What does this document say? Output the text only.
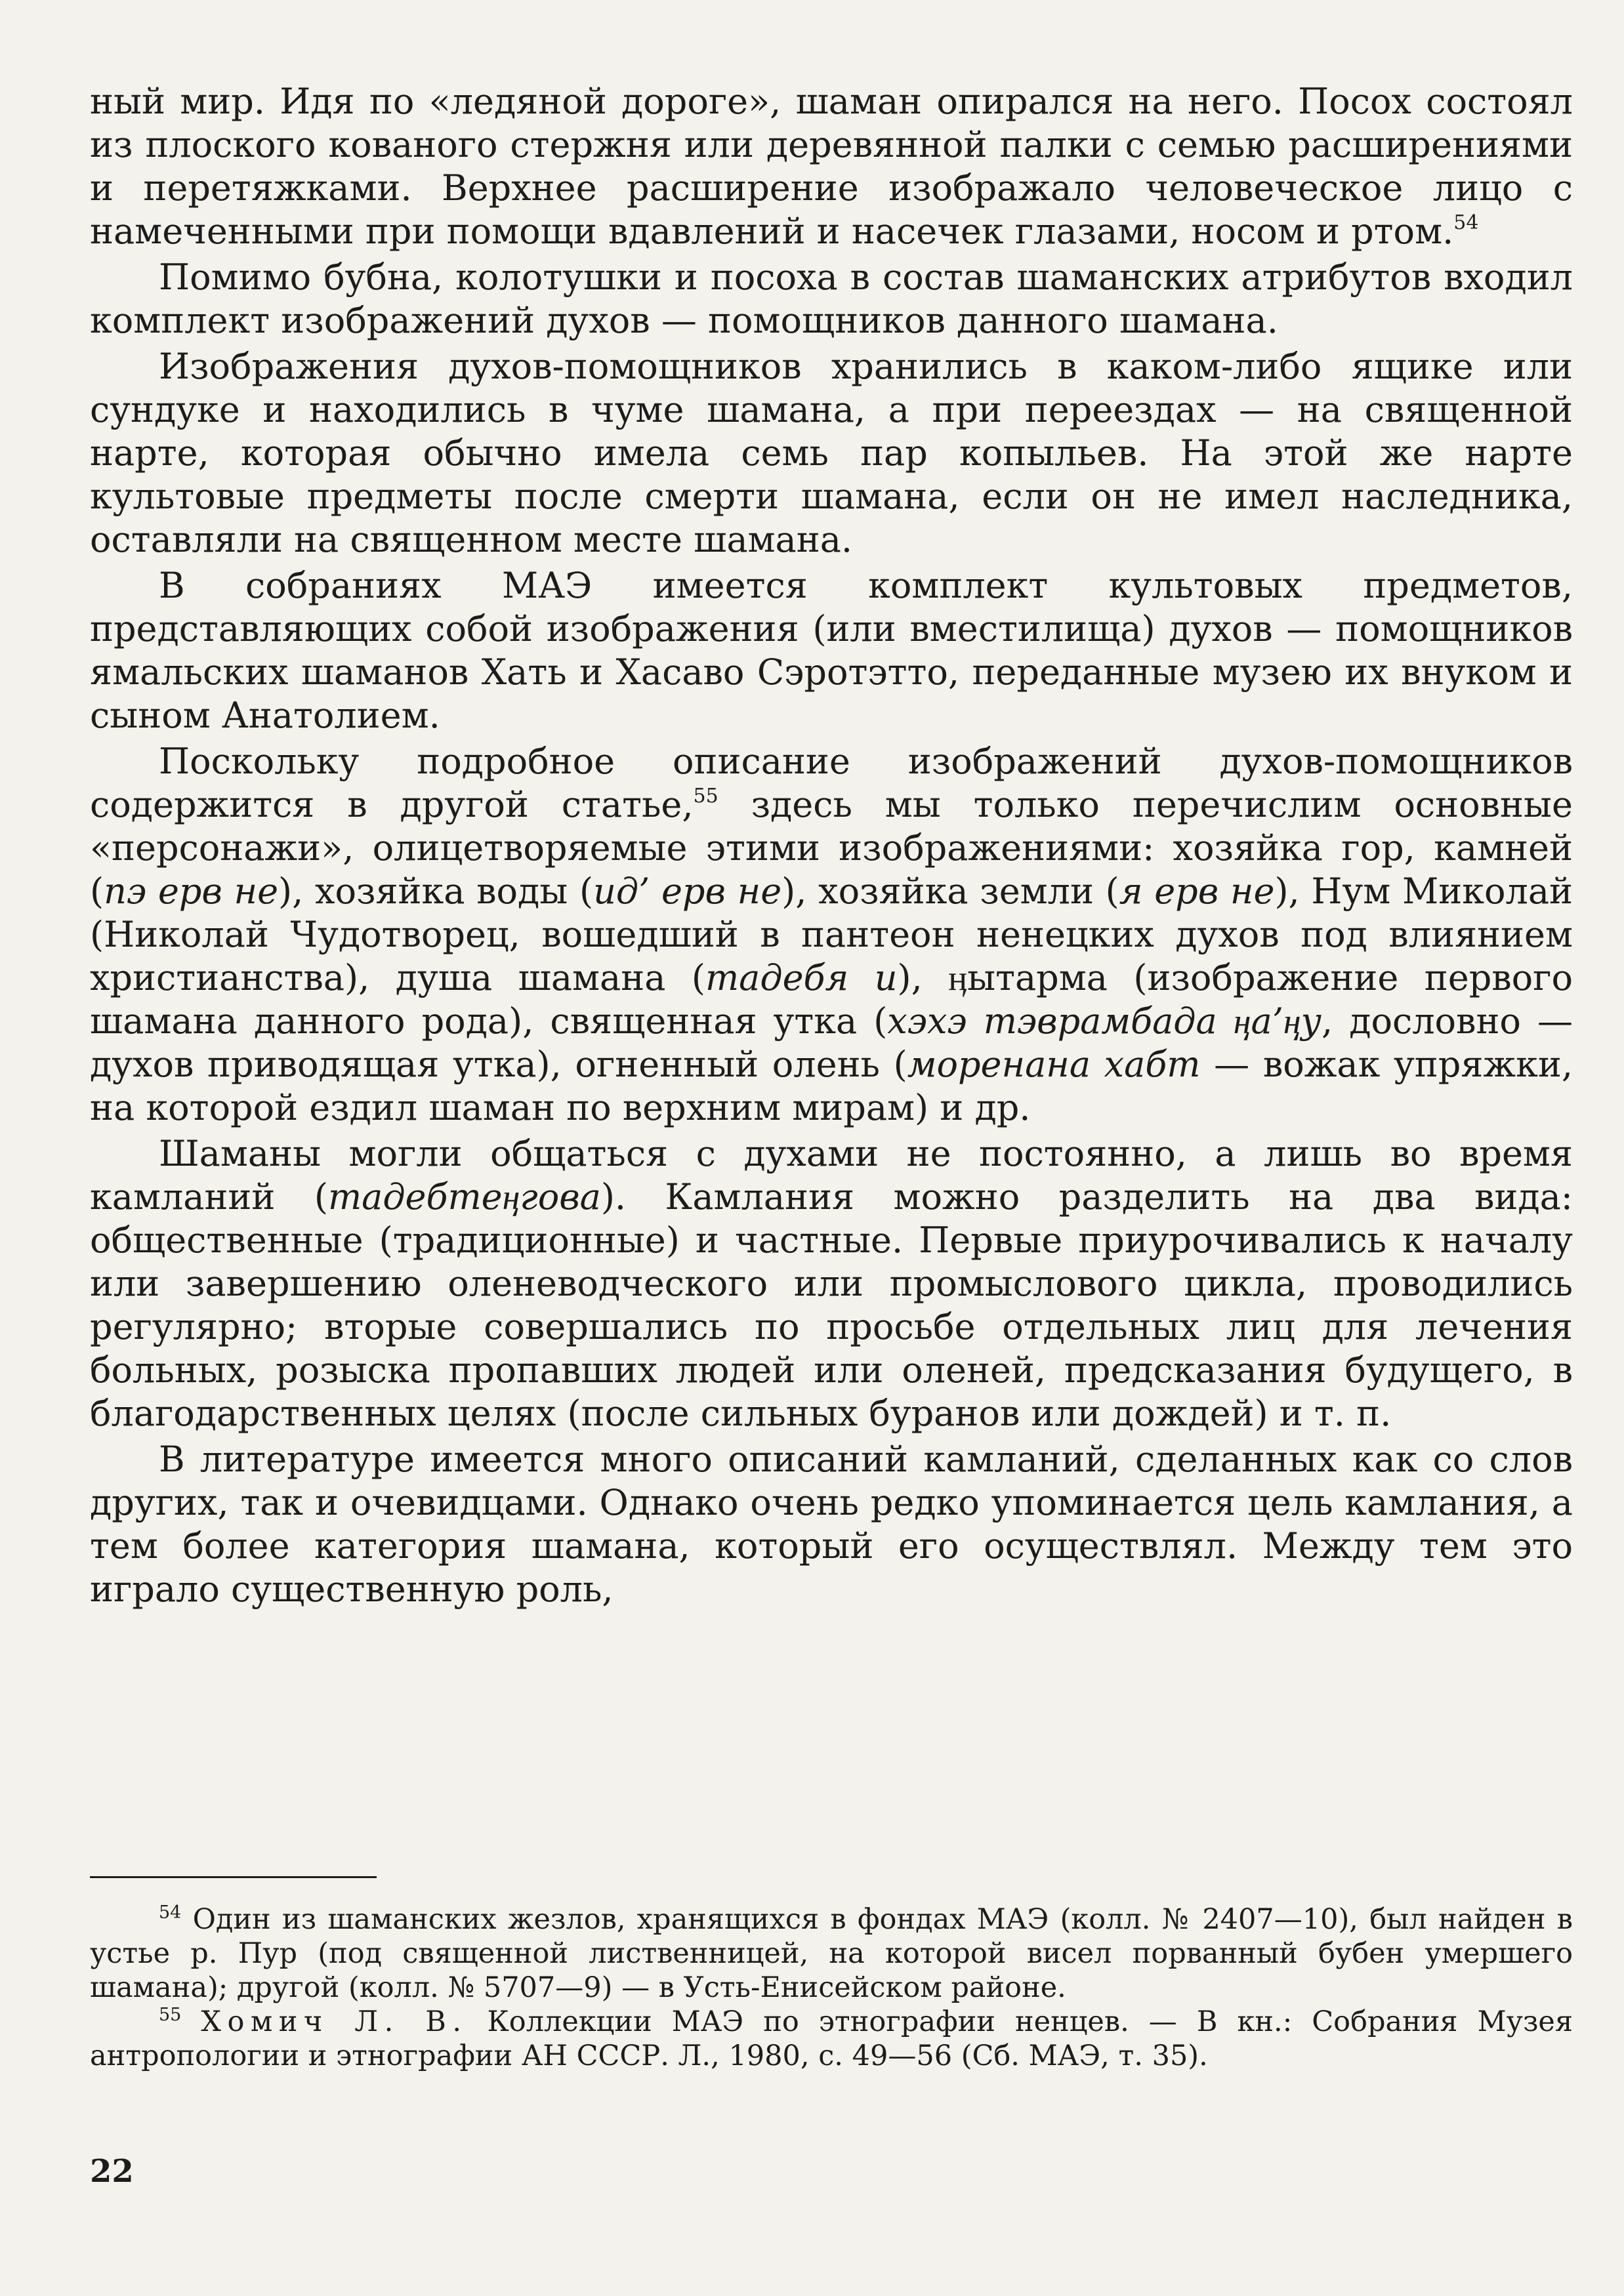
ный мир. Идя по «ледяной дороге», шаман опирался на него. Посох состоял из плоского кованого стержня или деревянной палки с семью расширениями и перетяжками. Верхнее расширение изображало человеческое лицо с намеченными при помощи вдавлений и насечек глазами, носом и ртом.$^{54}$

Помимо бубна, колотушки и посоха в состав шаманских атрибутов входил комплект изображений духов — помощников данного шамана.

Изображения духов-помощников хранились в каком-либо ящике или сундуке и находились в чуме шамана, а при переездах — на священной нарте, которая обычно имела семь пар копыльев. На этой же нарте культовые предметы после смерти шамана, если он не имел наследника, оставляли на священном месте шамана.

В собраниях МАЭ имеется комплект культовых предметов, представляющих собой изображения (или вместилища) духов — помощников ямальских шаманов Хать и Хасаво Сэротэтто, переданные музею их внуком и сыном Анатолием.

Поскольку подробное описание изображений духов-помощников содержится в другой статье,$^{55}$ здесь мы только перечислим основные «персонажи», олицетворяемые этими изображениями: хозяйка гор, камней (пэ ерв не), хозяйка воды (ид’ ерв не), хозяйка земли (я ерв не), Нум Миколай (Николай Чудотворец, вошедший в пантеон ненецких духов под влиянием христианства), душа шамана (тадебя и), ӊытарма (изображение первого шамана данного рода), священная утка (хэхэ тэврамбада ӊа’ӊу, дословно — духов приводящая утка), огненный олень (моренана хабт — вожак упряжки, на которой ездил шаман по верхним мирам) и др.

Шаманы могли общаться с духами не постоянно, а лишь во время камланий (тадебтеӊгова). Камлания можно разделить на два вида: общественные (традиционные) и частные. Первые приурочивались к началу или завершению оленеводческого или промыслового цикла, проводились регулярно; вторые совершались по просьбе отдельных лиц для лечения больных, розыска пропавших людей или оленей, предсказания будущего, в благодарственных целях (после сильных буранов или дождей) и т. п.

В литературе имеется много описаний камланий, сделанных как со слов других, так и очевидцами. Однако очень редко упоминается цель камлания, а тем более категория шамана, который его осуществлял. Между тем это играло существенную роль,

$^{54}$ Один из шаманских жезлов, хранящихся в фондах МАЭ (колл. № 2407—10), был найден в устье р. Пур (под священной лиственницей, на которой висел порванный бубен умершего шамана); другой (колл. № 5707—9) — в Усть-Енисейском районе.

$^{55}$ Хомич Л. В. Коллекции МАЭ по этнографии ненцев. — В кн.: Собрания Музея антропологии и этнографии АН СССР. Л., 1980, с. 49—56 (Сб. МАЭ, т. 35).

22
